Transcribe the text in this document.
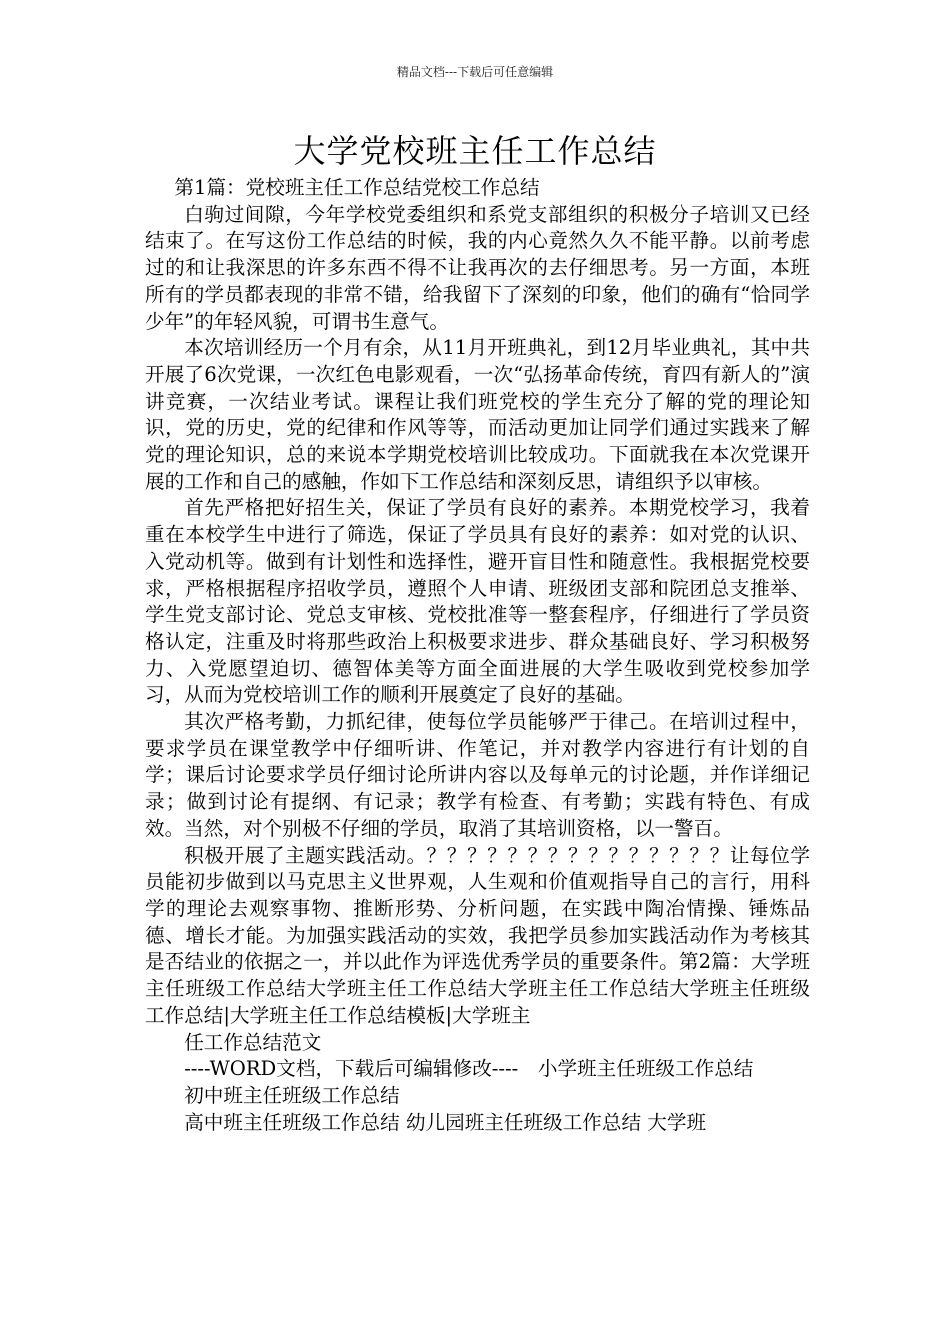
精品文档---下载后可任意编辑
大学党校班主任工作总结

第1篇：党校班主任工作总结党校工作总结

白驹过间隙，今年学校党委组织和系党支部组织的积极分子培训又已经结束了。在写这份工作总结的时候，我的内心竟然久久不能平静。以前考虑过的和让我深思的许多东西不得不让我再次的去仔细思考。另一方面，本班所有的学员都表现的非常不错，给我留下了深刻的印象，他们的确有“恰同学少年”的年轻风貌，可谓书生意气。

本次培训经历一个月有余，从11月开班典礼，到12月毕业典礼，其中共开展了6次党课，一次红色电影观看，一次“弘扬革命传统，育四有新人的”演讲竞赛，一次结业考试。课程让我们班党校的学生充分了解的党的理论知识，党的历史，党的纪律和作风等等，而活动更加让同学们通过实践来了解党的理论知识，总的来说本学期党校培训比较成功。下面就我在本次党课开展的工作和自己的感触，作如下工作总结和深刻反思，请组织予以审核。

首先严格把好招生关，保证了学员有良好的素养。本期党校学习，我着重在本校学生中进行了筛选，保证了学员具有良好的素养：如对党的认识、入党动机等。做到有计划性和选择性，避开盲目性和随意性。我根据党校要求，严格根据程序招收学员，遵照个人申请、班级团支部和院团总支推举、学生党支部讨论、党总支审核、党校批准等一整套程序，仔细进行了学员资格认定，注重及时将那些政治上积极要求进步、群众基础良好、学习积极努力、入党愿望迫切、德智体美等方面全面进展的大学生吸收到党校参加学习，从而为党校培训工作的顺利开展奠定了良好的基础。

其次严格考勤，力抓纪律，使每位学员能够严于律己。在培训过程中，要求学员在课堂教学中仔细听讲、作笔记，并对教学内容进行有计划的自学；课后讨论要求学员仔细讨论所讲内容以及每单元的讨论题，并作详细记录；做到讨论有提纲、有记录；教学有检查、有考勤；实践有特色、有成效。当然，对个别极不仔细的学员，取消了其培训资格，以一警百。

积极开展了主题实践活动。？？？？？？？？？？？？？？？让每位学员能初步做到以马克思主义世界观，人生观和价值观指导自己的言行，用科学的理论去观察事物、推断形势、分析问题，在实践中陶冶情操、锤炼品德、增长才能。为加强实践活动的实效，我把学员参加实践活动作为考核其是否结业的依据之一，并以此作为评选优秀学员的重要条件。第2篇：大学班主任班级工作总结大学班主任工作总结大学班主任工作总结大学班主任班级工作总结|大学班主任工作总结模板|大学班主

任工作总结范文

----WORD文档，下载后可编辑修改----　小学班主任班级工作总结

初中班主任班级工作总结

高中班主任班级工作总结 幼儿园班主任班级工作总结 大学班
